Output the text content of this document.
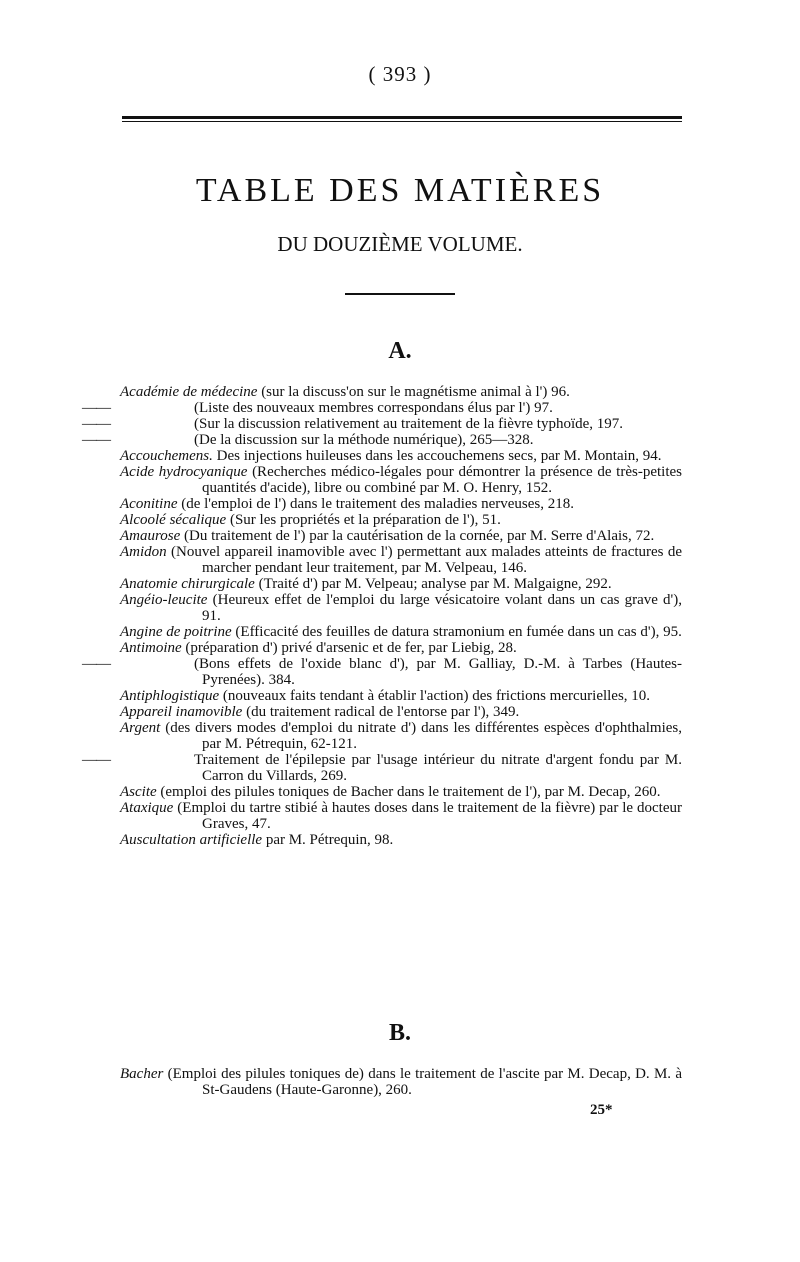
( 393 )
TABLE DES MATIÈRES
DU DOUZIÈME VOLUME.
A.
Académie de médecine (sur la discuss'on sur le magnétisme animal à l') 96.
——	(Liste des nouveaux membres correspondans élus par l') 97.
——	(Sur la discussion relativement au traitement de la fièvre typhoïde, 197.
——	(De la discussion sur la méthode numérique), 265—328.
Accouchemens. Des injections huileuses dans les accouchemens secs, par M. Montain, 94.
Acide hydrocyanique (Recherches médico-légales pour démontrer la présence de très-petites quantités d'acide), libre ou combiné par M. O. Henry, 152.
Aconitine (de l'emploi de l') dans le traitement des maladies nerveuses, 218.
Alcoolé sécalique (Sur les propriétés et la préparation de l'), 51.
Amaurose (Du traitement de l') par la cautérisation de la cornée, par M. Serre d'Alais, 72.
Amidon (Nouvel appareil inamovible avec l') permettant aux malades atteints de fractures de marcher pendant leur traitement, par M. Velpeau, 146.
Anatomie chirurgicale (Traité d') par M. Velpeau; analyse par M. Malgaigne, 292.
Angéio-leucite (Heureux effet de l'emploi du large vésicatoire volant dans un cas grave d'), 91.
Angine de poitrine (Efficacité des feuilles de datura stramonium en fumée dans un cas d'), 95.
Antimoine (préparation d') privé d'arsenic et de fer, par Liebig, 28.
——	(Bons effets de l'oxide blanc d'), par M. Galliay, D.-M. à Tarbes (Hautes-Pyrenées). 384.
Antiphlogistique (nouveaux faits tendant à établir l'action) des frictions mercurielles, 10.
Appareil inamovible (du traitement radical de l'entorse par l'), 349.
Argent (des divers modes d'emploi du nitrate d') dans les différentes espèces d'ophthalmies, par M. Pétrequin, 62-121.
——	Traitement de l'épilepsie par l'usage intérieur du nitrate d'argent fondu par M. Carron du Villards, 269.
Ascite (emploi des pilules toniques de Bacher dans le traitement de l'), par M. Decap, 260.
Ataxique (Emploi du tartre stibié à hautes doses dans le traitement de la fièvre) par le docteur Graves, 47.
Auscultation artificielle par M. Pétrequin, 98.
B.
Bacher (Emploi des pilules toniques de) dans le traitement de l'ascite par M. Decap, D. M. à St-Gaudens (Haute-Garonne), 260.
25*
